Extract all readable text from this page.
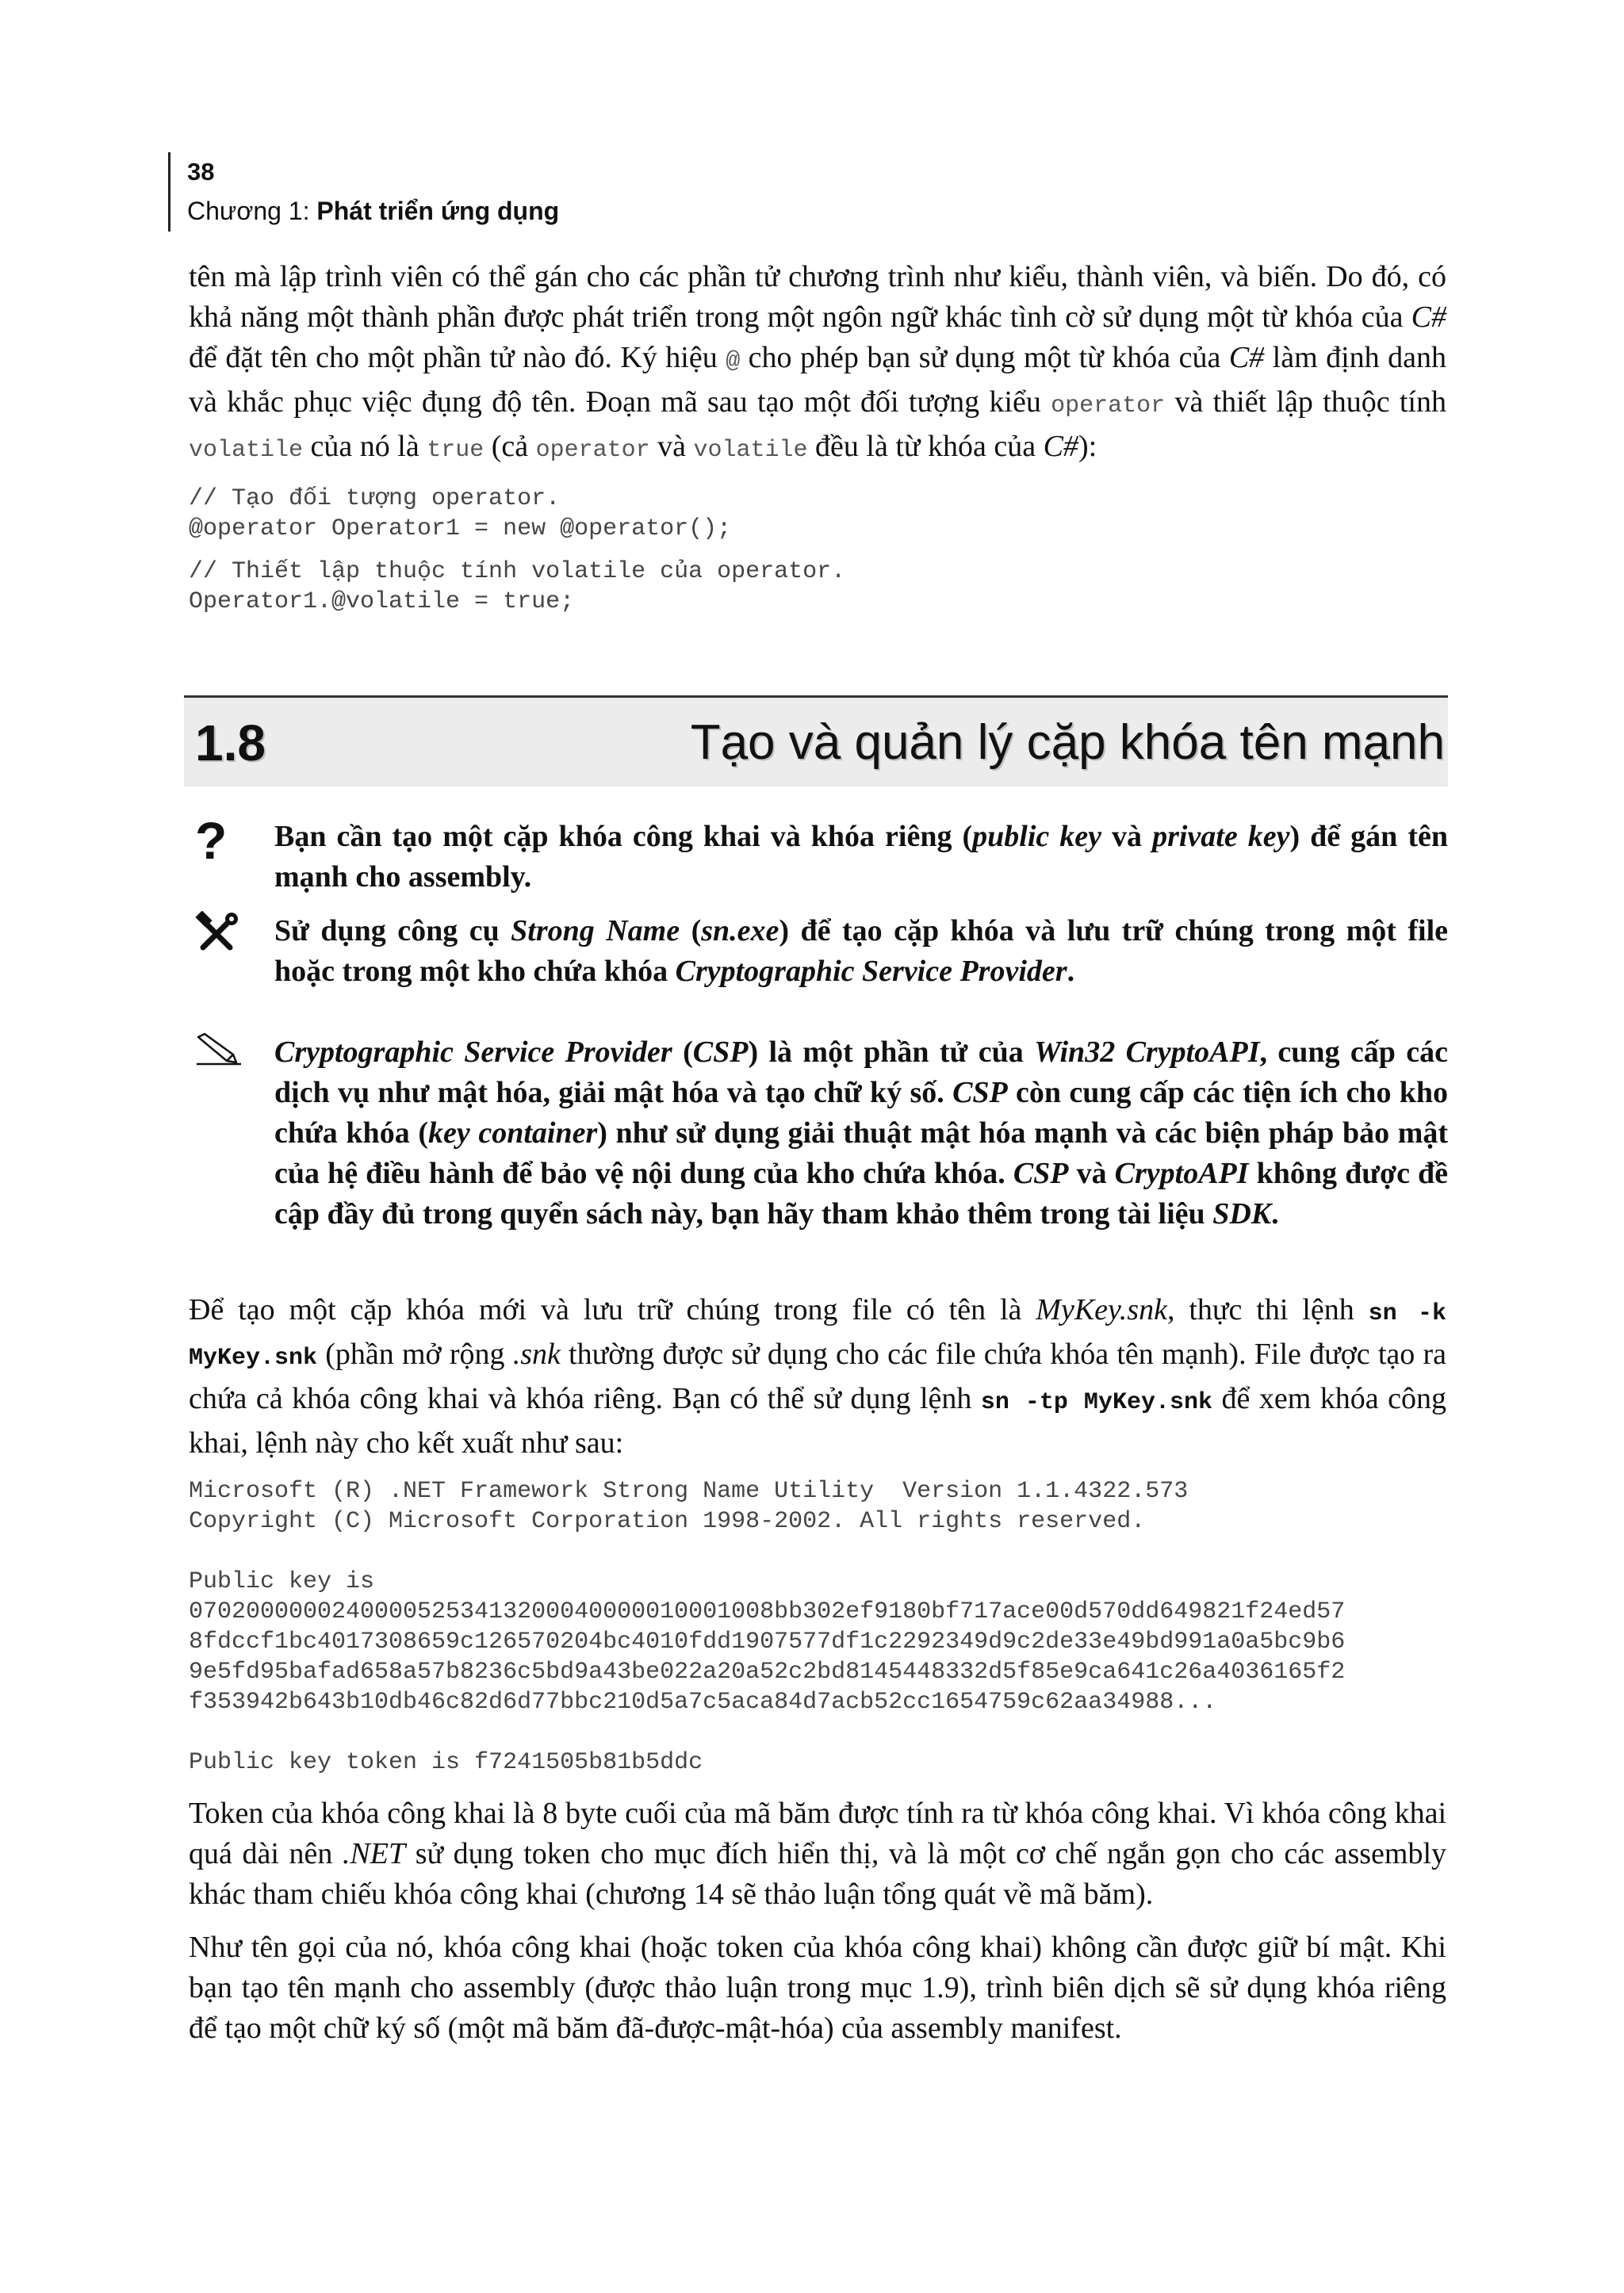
38
Chương 1: Phát triển ứng dụng

tên mà lập trình viên có thể gán cho các phần tử chương trình như kiểu, thành viên, và biến. Do đó, có khả năng một thành phần được phát triển trong một ngôn ngữ khác tình cờ sử dụng một từ khóa của C# để đặt tên cho một phần tử nào đó. Ký hiệu @ cho phép bạn sử dụng một từ khóa của C# làm định danh và khắc phục việc đụng độ tên. Đoạn mã sau tạo một đối tượng kiểu operator và thiết lập thuộc tính volatile của nó là true (cả operator và volatile đều là từ khóa của C#):

// Tạo đối tượng operator.
@operator Operator1 = new @operator();
// Thiết lập thuộc tính volatile của operator.
Operator1.@volatile = true;
1.8	Tạo và quản lý cặp khóa tên mạnh
?	Bạn cần tạo một cặp khóa công khai và khóa riêng (public key và private key) để gán tên mạnh cho assembly.
Sử dụng công cụ Strong Name (sn.exe) để tạo cặp khóa và lưu trữ chúng trong một file hoặc trong một kho chứa khóa Cryptographic Service Provider.
Cryptographic Service Provider (CSP) là một phần tử của Win32 CryptoAPI, cung cấp các dịch vụ như mật hóa, giải mật hóa và tạo chữ ký số. CSP còn cung cấp các tiện ích cho kho chứa khóa (key container) như sử dụng giải thuật mật hóa mạnh và các biện pháp bảo mật của hệ điều hành để bảo vệ nội dung của kho chứa khóa. CSP và CryptoAPI không được đề cập đầy đủ trong quyển sách này, bạn hãy tham khảo thêm trong tài liệu SDK.

Để tạo một cặp khóa mới và lưu trữ chúng trong file có tên là MyKey.snk, thực thi lệnh sn -k MyKey.snk (phần mở rộng .snk thường được sử dụng cho các file chứa khóa tên mạnh). File được tạo ra chứa cả khóa công khai và khóa riêng. Bạn có thể sử dụng lệnh sn -tp MyKey.snk để xem khóa công khai, lệnh này cho kết xuất như sau:

Microsoft (R) .NET Framework Strong Name Utility  Version 1.1.4322.573
Copyright (C) Microsoft Corporation 1998-2002. All rights reserved.
Public key is
07020000002400005253413200040000010001008bb302ef9180bf717ace00d570dd649821f24ed57
8fdccf1bc4017308659c126570204bc4010fdd1907577df1c2292349d9c2de33e49bd991a0a5bc9b6
9e5fd95bafad658a57b8236c5bd9a43be022a20a52c2bd8145448332d5f85e9ca641c26a4036165f2
f353942b643b10db46c82d6d77bbc210d5a7c5aca84d7acb52cc1654759c62aa34988...
Public key token is f7241505b81b5ddc

Token của khóa công khai là 8 byte cuối của mã băm được tính ra từ khóa công khai. Vì khóa công khai quá dài nên .NET sử dụng token cho mục đích hiển thị, và là một cơ chế ngắn gọn cho các assembly khác tham chiếu khóa công khai (chương 14 sẽ thảo luận tổng quát về mã băm).

Như tên gọi của nó, khóa công khai (hoặc token của khóa công khai) không cần được giữ bí mật. Khi bạn tạo tên mạnh cho assembly (được thảo luận trong mục 1.9), trình biên dịch sẽ sử dụng khóa riêng để tạo một chữ ký số (một mã băm đã-được-mật-hóa) của assembly manifest.
